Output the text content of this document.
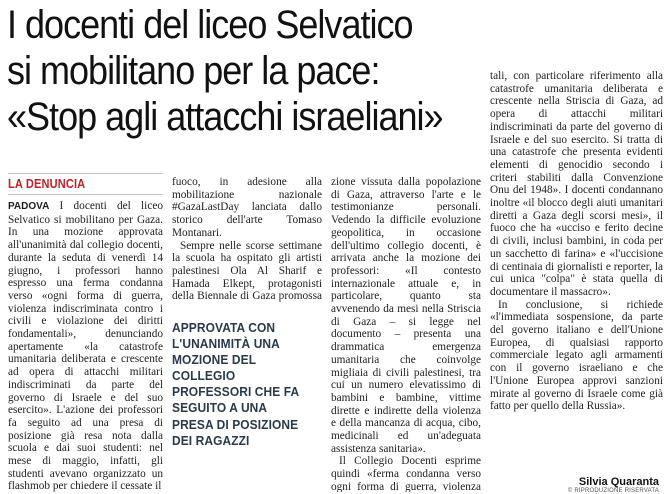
I docenti del liceo Selvatico
si mobilitano per la pace:
«Stop agli attacchi israeliani»
LA DENUNCIA

PADOVA I docenti del liceo Selvatico si mobilitano per Gaza. In una mozione approvata all'unanimità dal collegio docenti, durante la seduta di venerdì 14 giugno, i professori hanno espresso una ferma condanna verso «ogni forma di guerra, violenza indiscriminata contro i civili e violazione dei diritti fondamentali», denunciando apertamente «la catastrofe umanitaria deliberata e crescente ad opera di attacchi militari indiscriminati da parte del governo di Israele e del suo esercito». L'azione dei professori fa seguito ad una presa di posizione già resa nota dalla scuola e dai suoi studenti: nel mese di maggio, infatti, gli studenti avevano organizzato un flashmob per chiedere il cessate il

fuoco, in adesione alla mobilitazione nazionale #GazaLastDay lanciata dallo storico dell'arte Tomaso Montanari.

Sempre nelle scorse settimane la scuola ha ospitato gli artisti palestinesi Ola Al Sharif e Hamada Elkept, protagonisti della Biennale di Gaza promossa

APPROVATA CON L'UNANIMITÀ UNA MOZIONE DEL COLLEGIO PROFESSORI CHE FA SEGUITO A UNA PRESA DI POSIZIONE DEI RAGAZZI

zione vissuta dalla popolazione di Gaza, attraverso l'arte e le testimonianze personali. Vedendo la difficile evoluzione geopolitica, in occasione dell'ultimo collegio docenti, è arrivata anche la mozione dei professori: «Il contesto internazionale attuale e, in particolare, quanto sta avvenendo da mesi nella Striscia di Gaza – si legge nel documento – presenta una drammatica emergenza umanitaria che coinvolge migliaia di civili palestinesi, tra cui un numero elevatissimo di bambini e bambine, vittime dirette e indirette della violenza e della mancanza di acqua, cibo, medicinali ed un'adeguata assistenza sanitaria».

Il Collegio Docenti esprime quindi «ferma condanna verso ogni forma di guerra, violenza

tali, con particolare riferimento alla catastrofe umanitaria deliberata e crescente nella Striscia di Gaza, ad opera di attacchi militari indiscriminati da parte del governo di Israele e del suo esercito. Si tratta di una catastrofe che presenta evidenti elementi di genocidio secondo i criteri stabiliti dalla Convenzione Onu del 1948». I docenti condannano inoltre «il blocco degli aiuti umanitari diretti a Gaza degli scorsi mesi», il fuoco che ha «ucciso e ferito decine di civili, inclusi bambini, in coda per un sacchetto di farina» e «l'uccisione di centinaia di giornalisti e reporter, la cui unica "colpa" è stata quella di documentare il massacro».

In conclusione, si richiede «l'immediata sospensione, da parte del governo italiano e dell'Unione Europea, di qualsiasi rapporto commerciale legato agli armamenti con il governo israeliano e che l'Unione Europea approvi sanzioni mirate al governo di Israele come già fatto per quello della Russia».

Silvia Quaranta
© RIPRODUZIONE RISERVATA
